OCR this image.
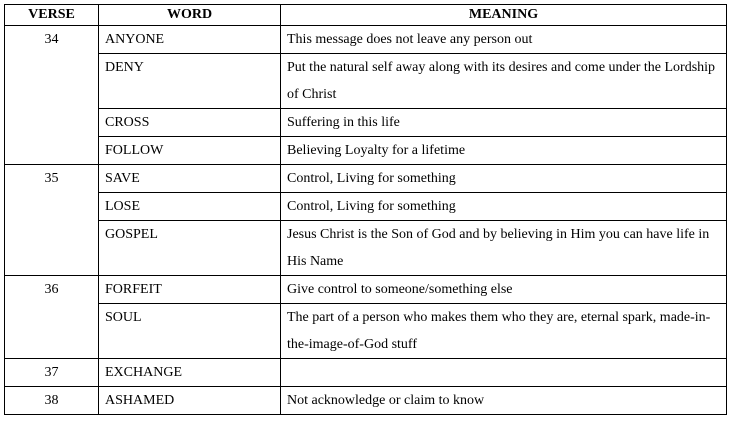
VERSE	WORD	MEANING
34	ANYONE	This message does not leave any person out
	DENY	Put the natural self away along with its desires and come under the Lordship of Christ
	CROSS	Suffering in this life
	FOLLOW	Believing Loyalty for a lifetime
35	SAVE	Control, Living for something
	LOSE	Control, Living for something
	GOSPEL	Jesus Christ is the Son of God and by believing in Him you can have life in His Name
36	FORFEIT	Give control to someone/something else
	SOUL	The part of a person who makes them who they are, eternal spark, made-in-the-image-of-God stuff
37	EXCHANGE	
38	ASHAMED	Not acknowledge or claim to know
